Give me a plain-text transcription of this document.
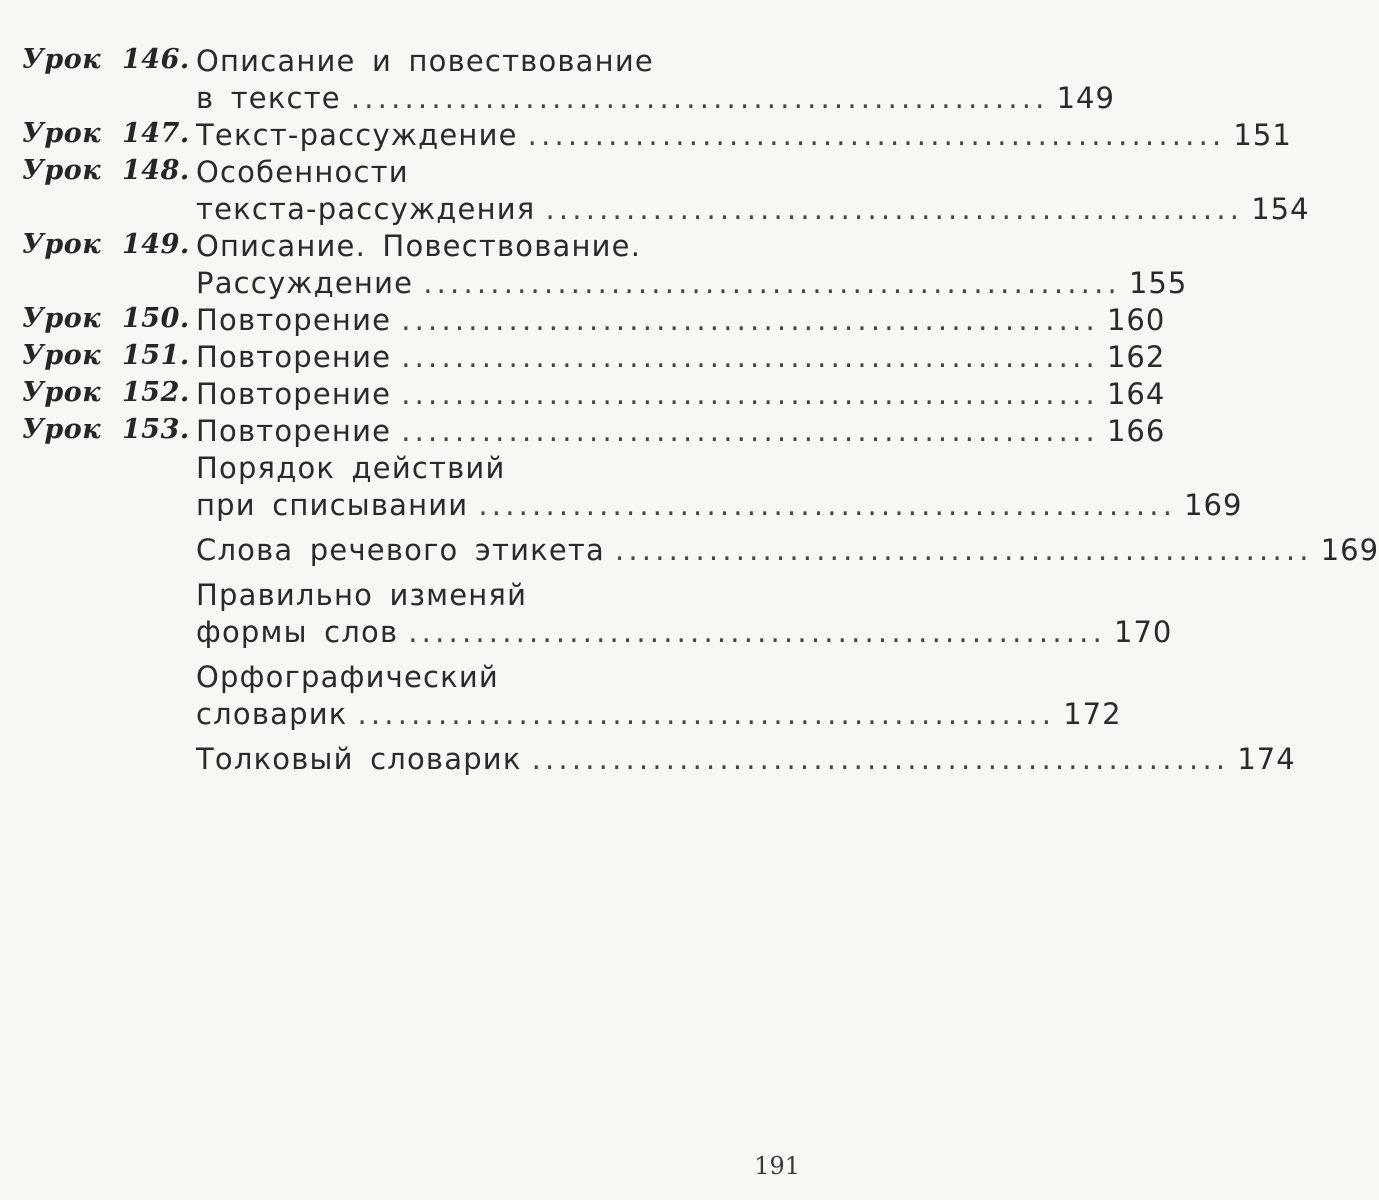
Урок 146. Описание и повествование
в тексте .................................................... 149
Урок 147. Текст-рассуждение .................................................... 151
Урок 148. Особенности
текста-рассуждения .................................................... 154
Урок 149. Описание. Повествование.
Рассуждение .................................................... 155
Урок 150. Повторение .................................................... 160
Урок 151. Повторение .................................................... 162
Урок 152. Повторение .................................................... 164
Урок 153. Повторение .................................................... 166
Порядок действий
при списывании .................................................... 169
Слова речевого этикета .................................................... 169
Правильно изменяй
формы слов .................................................... 170
Орфографический
словарик .................................................... 172
Толковый словарик .................................................... 174
191
